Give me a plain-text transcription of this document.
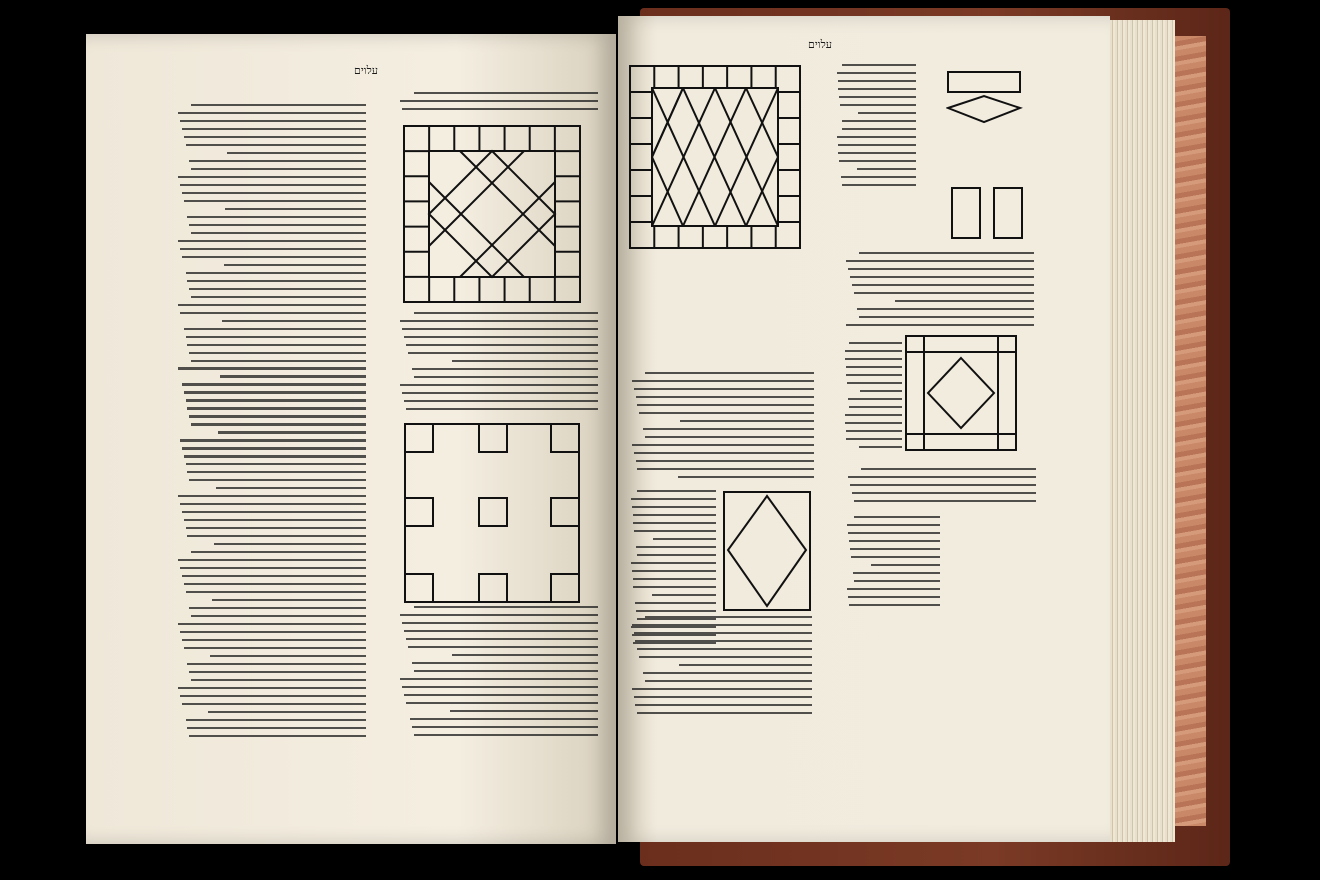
עלוים
עלוים
